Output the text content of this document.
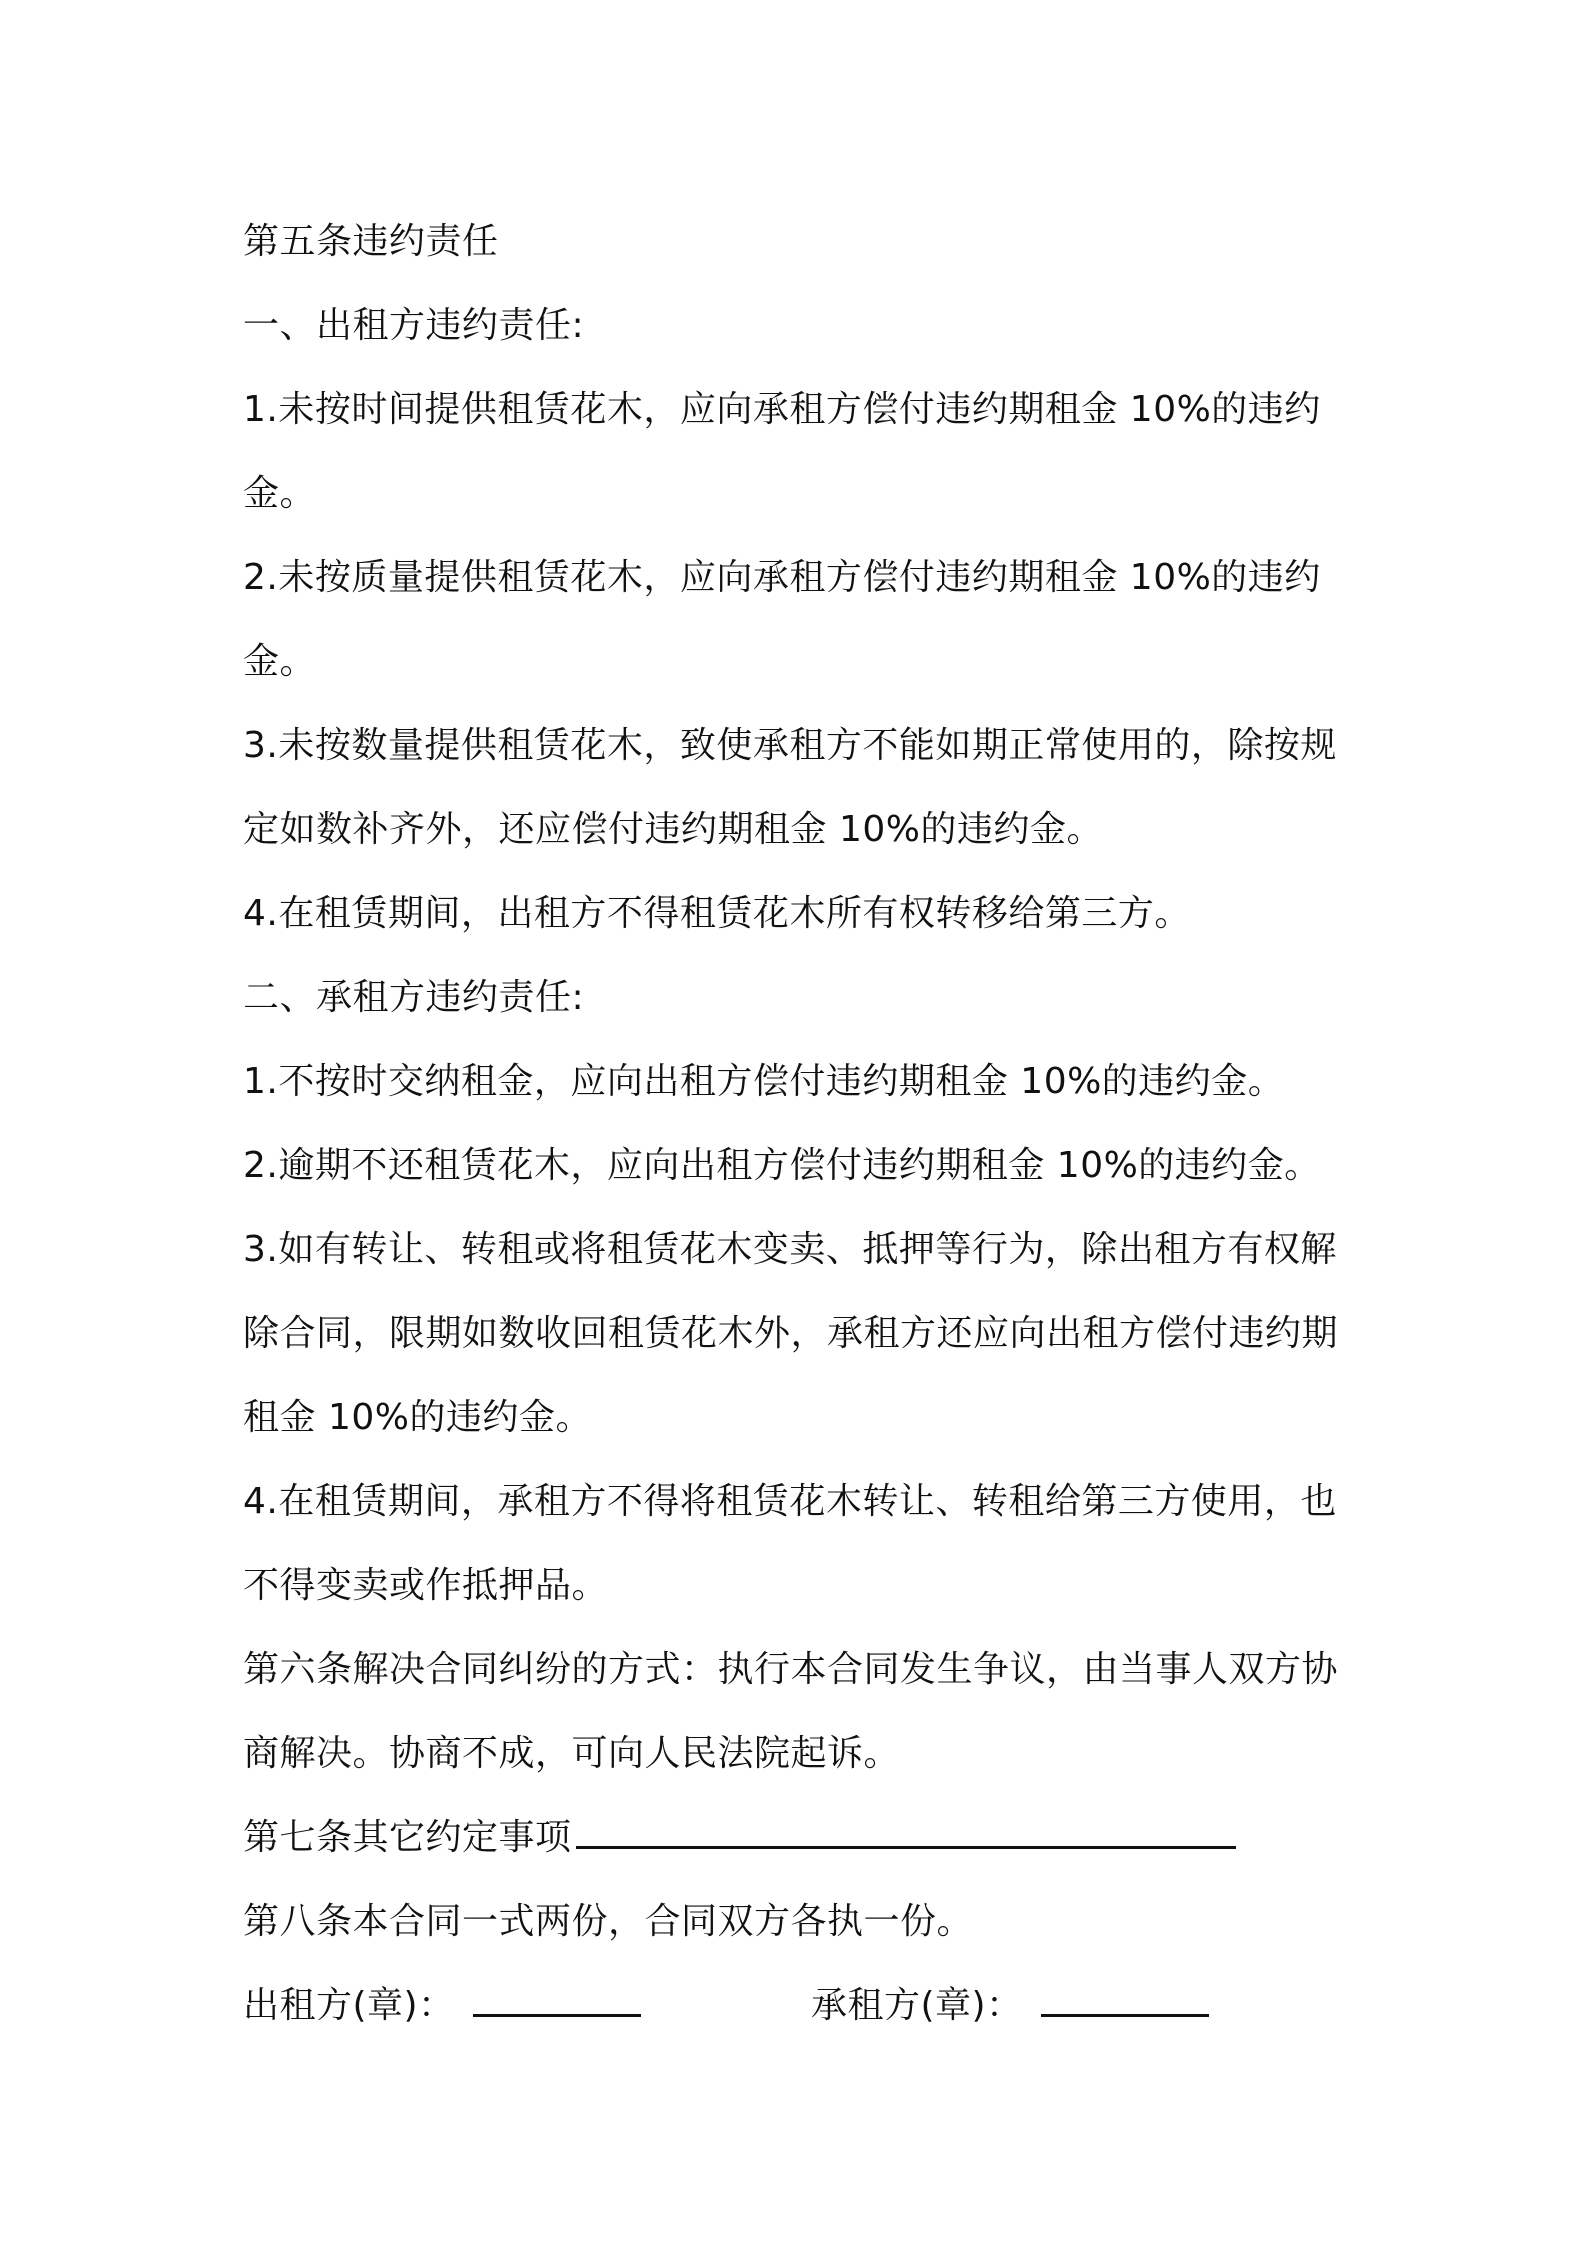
第五条违约责任
一、出租方违约责任:
1.未按时间提供租赁花木，应向承租方偿付违约期租金 10%的违约
金。
2.未按质量提供租赁花木，应向承租方偿付违约期租金 10%的违约
金。
3.未按数量提供租赁花木，致使承租方不能如期正常使用的，除按规
定如数补齐外，还应偿付违约期租金 10%的违约金。
4.在租赁期间，出租方不得租赁花木所有权转移给第三方。
二、承租方违约责任:
1.不按时交纳租金，应向出租方偿付违约期租金 10%的违约金。
2.逾期不还租赁花木，应向出租方偿付违约期租金 10%的违约金。
3.如有转让、转租或将租赁花木变卖、抵押等行为，除出租方有权解
除合同，限期如数收回租赁花木外，承租方还应向出租方偿付违约期
租金 10%的违约金。
4.在租赁期间，承租方不得将租赁花木转让、转租给第三方使用，也
不得变卖或作抵押品。
第六条解决合同纠纷的方式：执行本合同发生争议，由当事人双方协
商解决。协商不成，可向人民法院起诉。
第七条其它约定事项
第八条本合同一式两份，合同双方各执一份。
出租方(章)：	承租方(章)：
